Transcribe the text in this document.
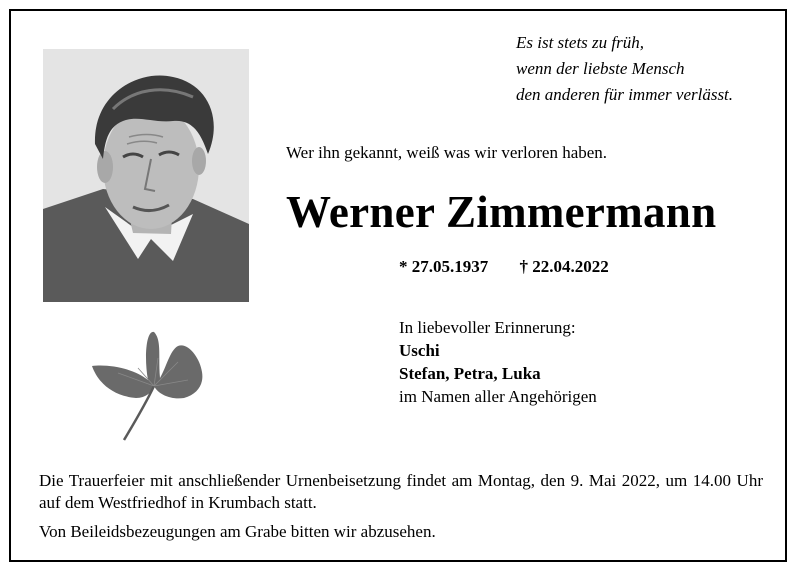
Es ist stets zu früh,
wenn der liebste Mensch
den anderen für immer verlässt.
Wer ihn gekannt, weiß was wir verloren haben.
Werner Zimmermann
* 27.05.1937 † 22.04.2022
In liebevoller Erinnerung:
Uschi
Stefan, Petra, Luka
im Namen aller Angehörigen

Die Trauerfeier mit anschließender Urnenbeisetzung findet am Montag, den 9. Mai 2022, um 14.00 Uhr auf dem Westfriedhof in Krumbach statt.

Von Beileidsbezeugungen am Grabe bitten wir abzusehen.
